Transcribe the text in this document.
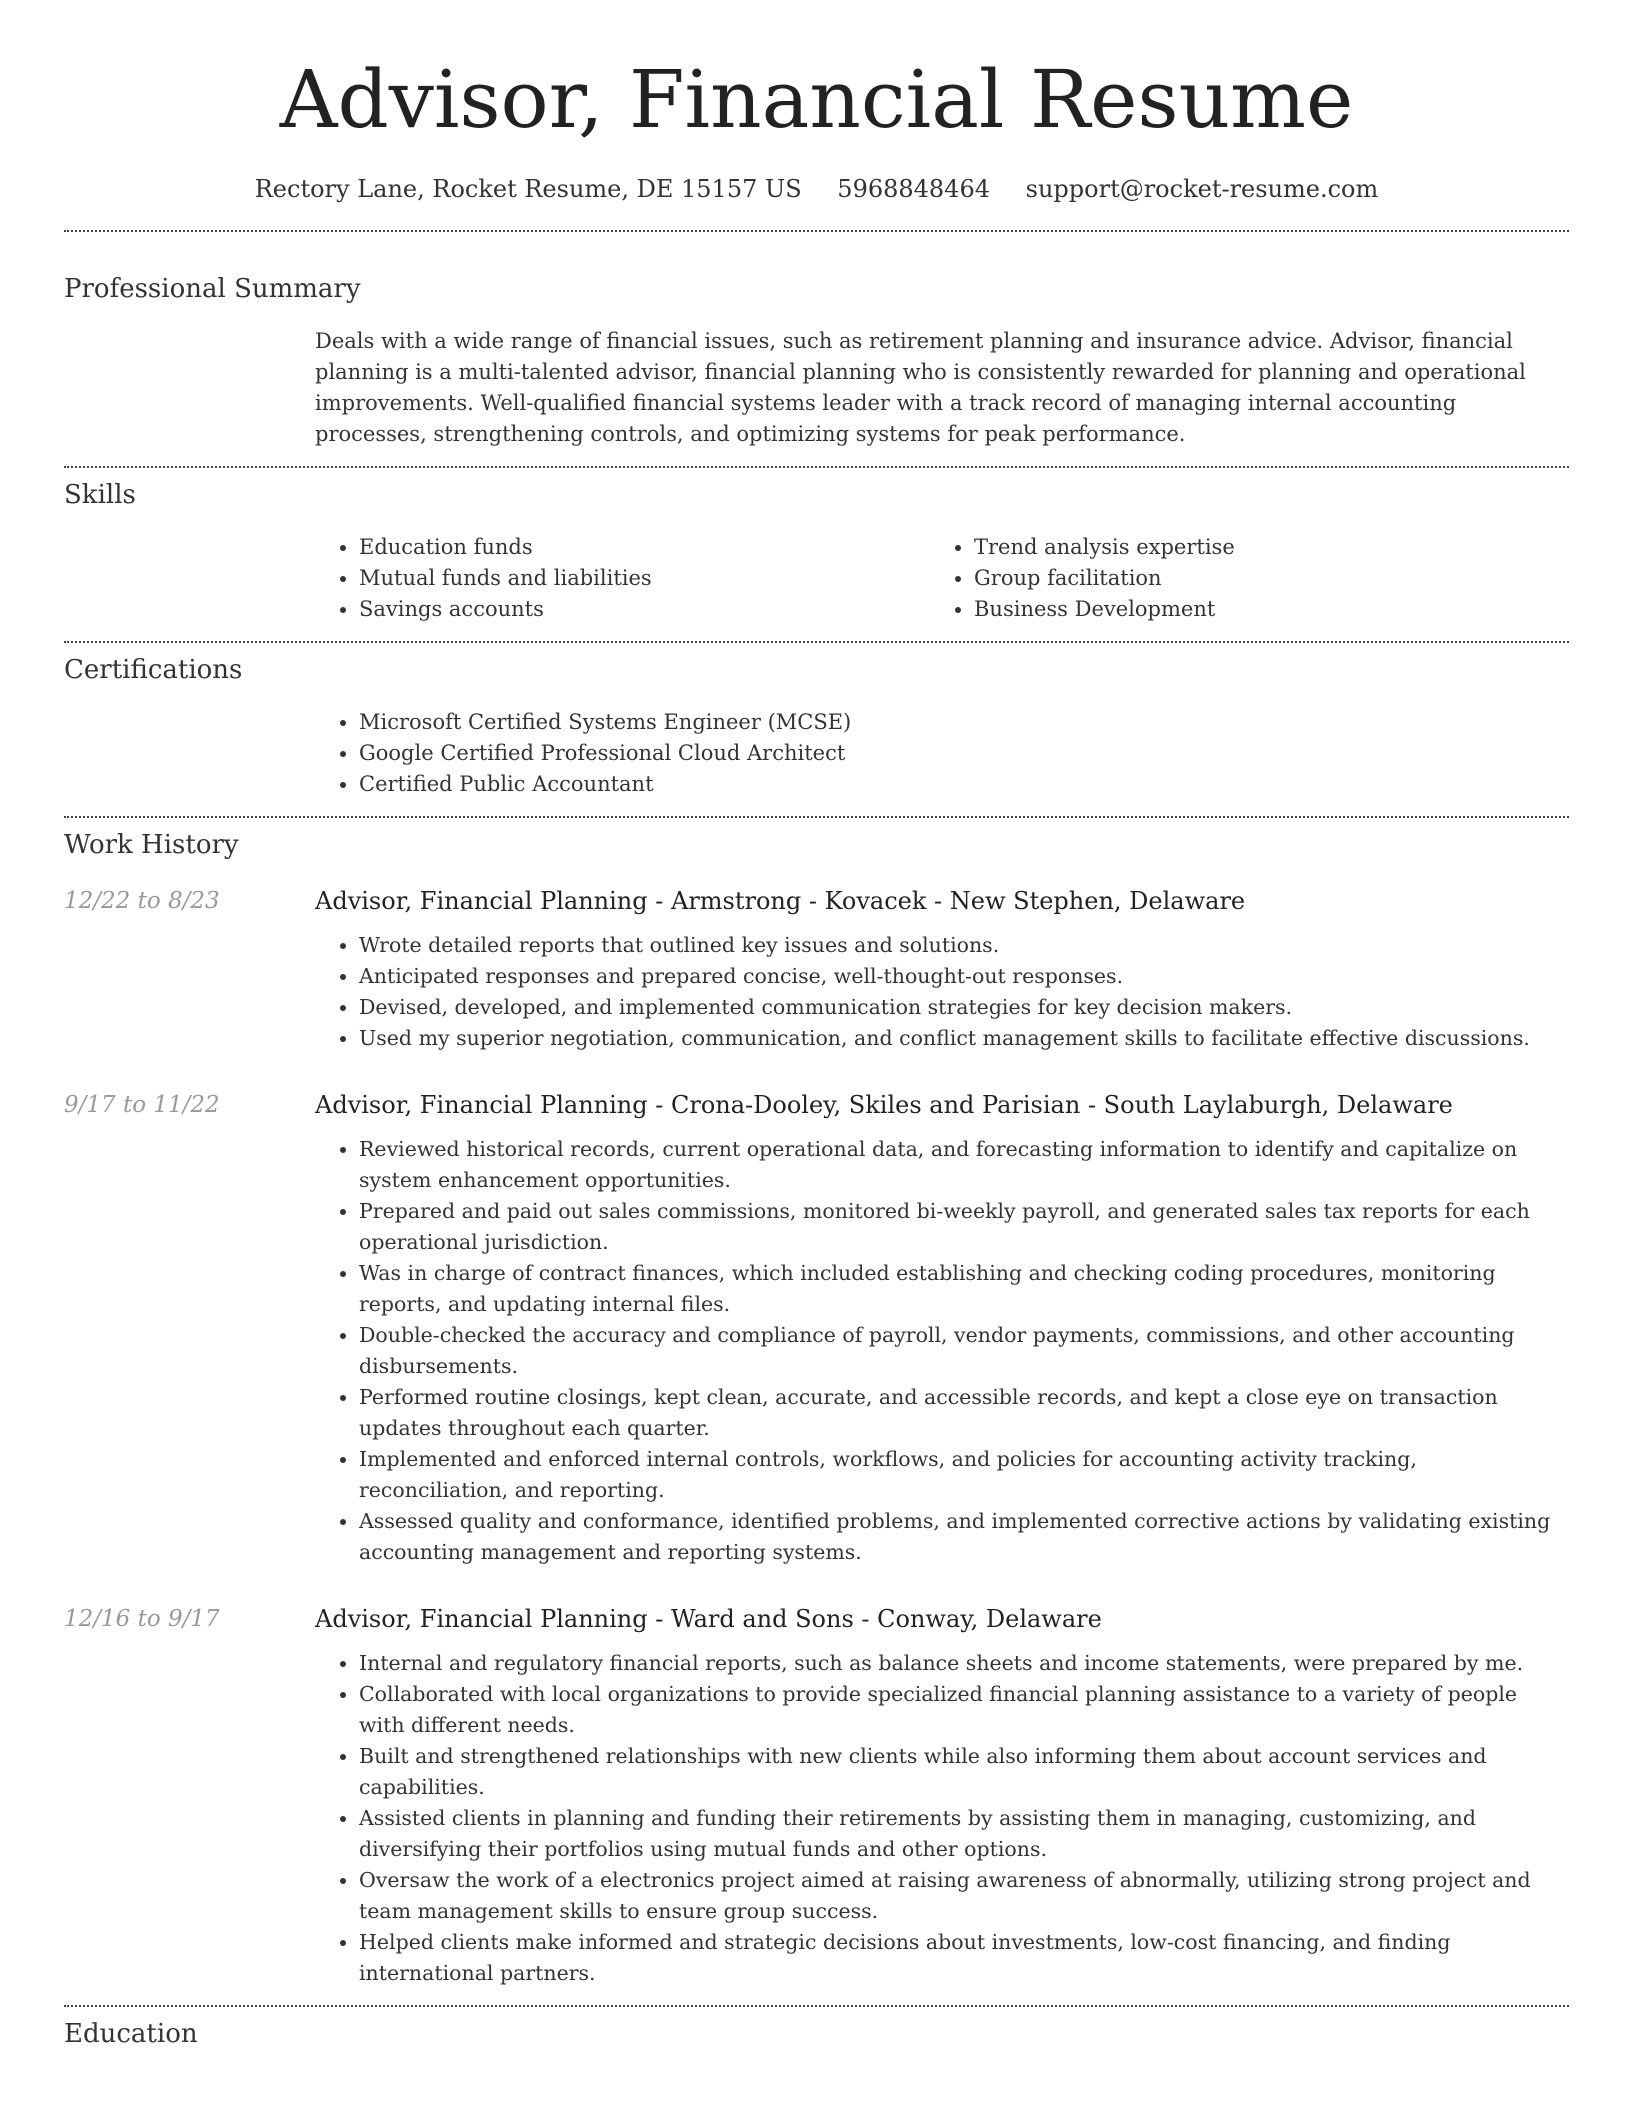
Advisor, Financial Resume
Rectory Lane, Rocket Resume, DE 15157 US 5968848464 support@rocket-resume.com
Professional Summary
Deals with a wide range of financial issues, such as retirement planning and insurance advice. Advisor, financial planning is a multi-talented advisor, financial planning who is consistently rewarded for planning and operational improvements. Well-qualified financial systems leader with a track record of managing internal accounting processes, strengthening controls, and optimizing systems for peak performance.
Skills
• Education funds
• Mutual funds and liabilities
• Savings accounts
• Trend analysis expertise
• Group facilitation
• Business Development
Certifications
• Microsoft Certified Systems Engineer (MCSE)
• Google Certified Professional Cloud Architect
• Certified Public Accountant
Work History
12/22 to 8/23	Advisor, Financial Planning - Armstrong - Kovacek - New Stephen, Delaware
• Wrote detailed reports that outlined key issues and solutions.
• Anticipated responses and prepared concise, well-thought-out responses.
• Devised, developed, and implemented communication strategies for key decision makers.
• Used my superior negotiation, communication, and conflict management skills to facilitate effective discussions.
9/17 to 11/22	Advisor, Financial Planning - Crona-Dooley, Skiles and Parisian - South Laylaburgh, Delaware
• Reviewed historical records, current operational data, and forecasting information to identify and capitalize on system enhancement opportunities.
• Prepared and paid out sales commissions, monitored bi-weekly payroll, and generated sales tax reports for each operational jurisdiction.
• Was in charge of contract finances, which included establishing and checking coding procedures, monitoring reports, and updating internal files.
• Double-checked the accuracy and compliance of payroll, vendor payments, commissions, and other accounting disbursements.
• Performed routine closings, kept clean, accurate, and accessible records, and kept a close eye on transaction updates throughout each quarter.
• Implemented and enforced internal controls, workflows, and policies for accounting activity tracking, reconciliation, and reporting.
• Assessed quality and conformance, identified problems, and implemented corrective actions by validating existing accounting management and reporting systems.
12/16 to 9/17	Advisor, Financial Planning - Ward and Sons - Conway, Delaware
• Internal and regulatory financial reports, such as balance sheets and income statements, were prepared by me.
• Collaborated with local organizations to provide specialized financial planning assistance to a variety of people with different needs.
• Built and strengthened relationships with new clients while also informing them about account services and capabilities.
• Assisted clients in planning and funding their retirements by assisting them in managing, customizing, and diversifying their portfolios using mutual funds and other options.
• Oversaw the work of a electronics project aimed at raising awareness of abnormally, utilizing strong project and team management skills to ensure group success.
• Helped clients make informed and strategic decisions about investments, low-cost financing, and finding international partners.
Education
